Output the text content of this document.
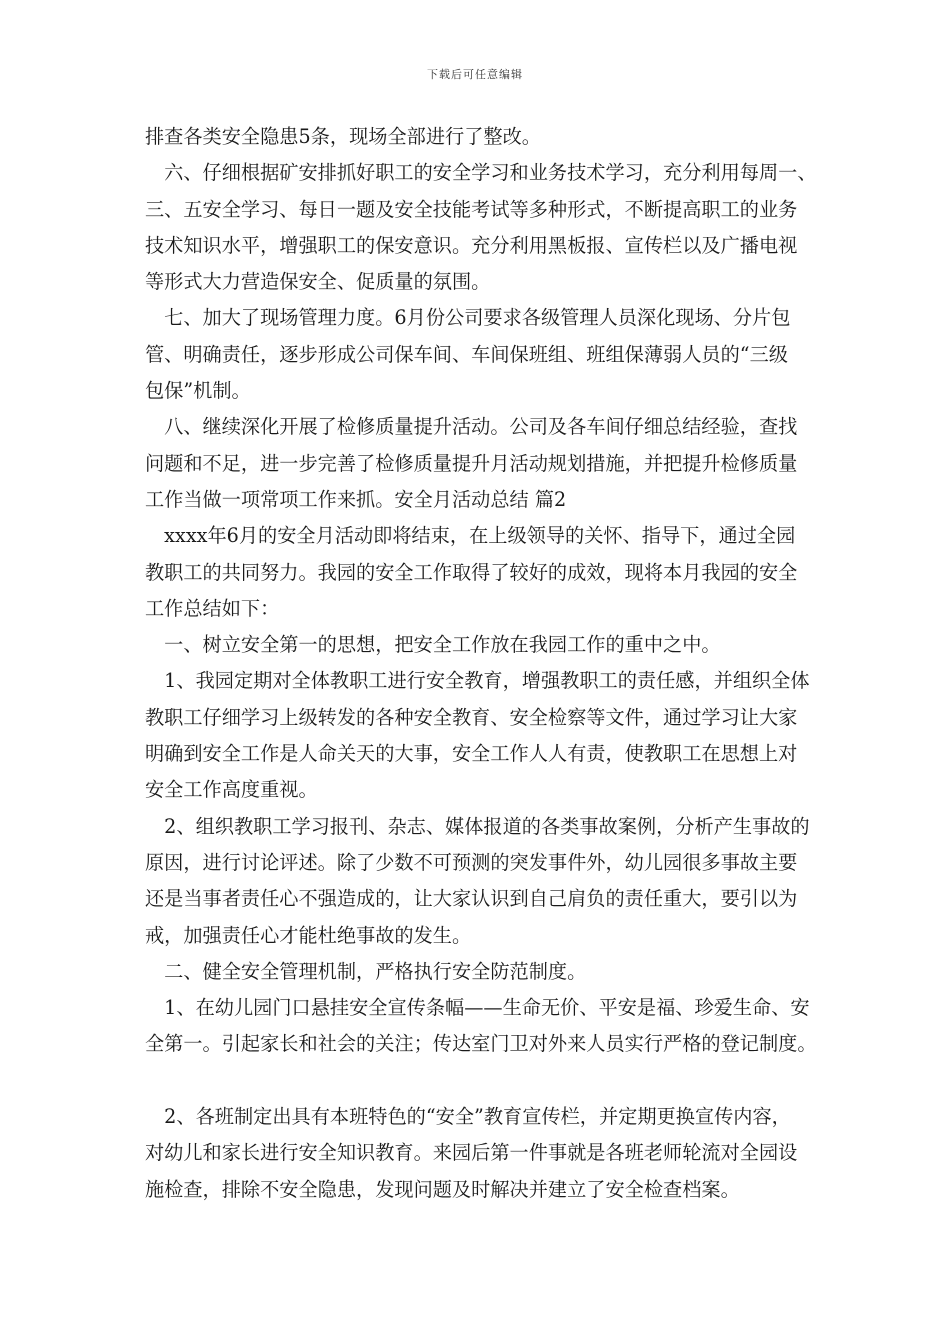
下载后可任意编辑
排查各类安全隐患5条，现场全部进行了整改。
　六、仔细根据矿安排抓好职工的安全学习和业务技术学习，充分利用每周一、
三、五安全学习、每日一题及安全技能考试等多种形式，不断提高职工的业务
技术知识水平，增强职工的保安意识。充分利用黑板报、宣传栏以及广播电视
等形式大力营造保安全、促质量的氛围。
　七、加大了现场管理力度。6月份公司要求各级管理人员深化现场、分片包
管、明确责任，逐步形成公司保车间、车间保班组、班组保薄弱人员的“三级
包保”机制。
　八、继续深化开展了检修质量提升活动。公司及各车间仔细总结经验，查找
问题和不足，进一步完善了检修质量提升月活动规划措施，并把提升检修质量
工作当做一项常项工作来抓。安全月活动总结 篇2
　xxxx年6月的安全月活动即将结束，在上级领导的关怀、指导下，通过全园
教职工的共同努力。我园的安全工作取得了较好的成效，现将本月我园的安全
工作总结如下：
　一、树立安全第一的思想，把安全工作放在我园工作的重中之中。
　1、我园定期对全体教职工进行安全教育，增强教职工的责任感，并组织全体
教职工仔细学习上级转发的各种安全教育、安全检察等文件，通过学习让大家
明确到安全工作是人命关天的大事，安全工作人人有责，使教职工在思想上对
安全工作高度重视。
　2、组织教职工学习报刊、杂志、媒体报道的各类事故案例，分析产生事故的
原因，进行讨论评述。除了少数不可预测的突发事件外，幼儿园很多事故主要
还是当事者责任心不强造成的，让大家认识到自己肩负的责任重大，要引以为
戒，加强责任心才能杜绝事故的发生。
　二、健全安全管理机制，严格执行安全防范制度。
　1、在幼儿园门口悬挂安全宣传条幅——生命无价、平安是福、珍爱生命、安
全第一。引起家长和社会的关注；传达室门卫对外来人员实行严格的登记制度。
　2、各班制定出具有本班特色的“安全”教育宣传栏，并定期更换宣传内容，
对幼儿和家长进行安全知识教育。来园后第一件事就是各班老师轮流对全园设
施检查，排除不安全隐患，发现问题及时解决并建立了安全检查档案。
